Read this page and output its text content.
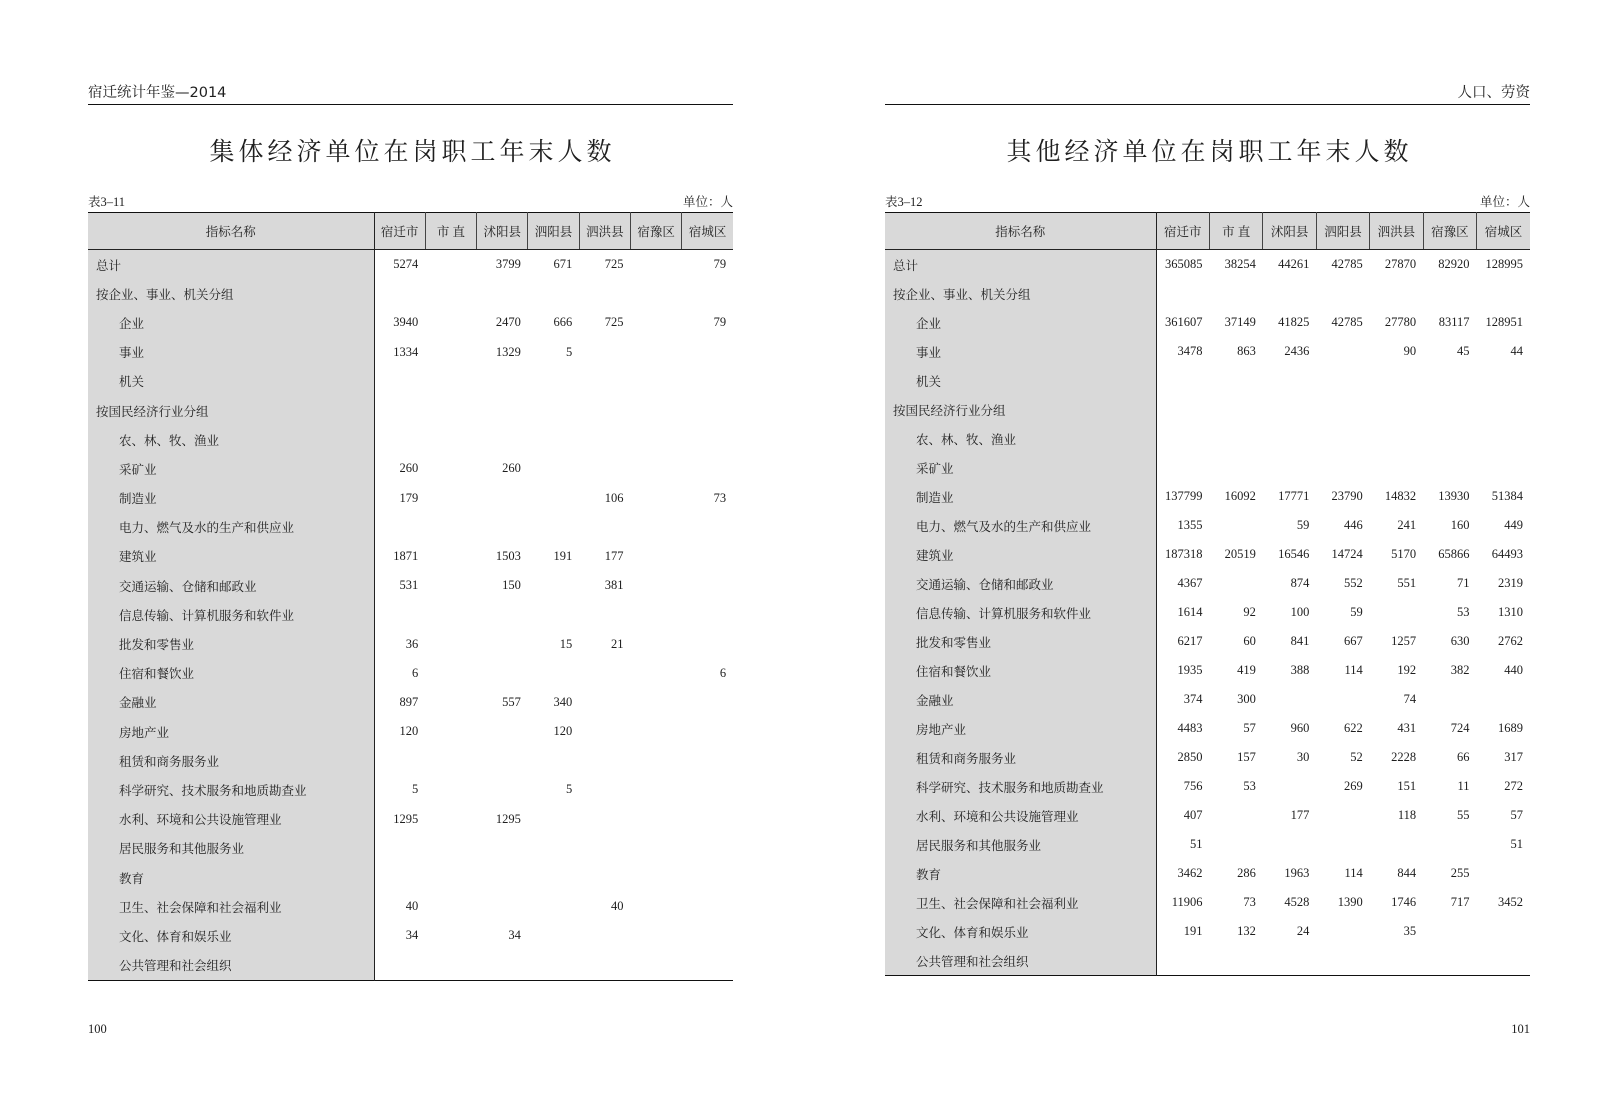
宿迁统计年鉴—2014
集体经济单位在岗职工年末人数
表3–11	单位：人
指标名称	宿迁市	市 直	沭阳县	泗阳县	泗洪县	宿豫区	宿城区
总计	5274		3799	671	725		79
按企业、事业、机关分组							
企业	3940		2470	666	725		79
事业	1334		1329	5			
机关							
按国民经济行业分组							
农、林、牧、渔业							
采矿业	260		260				
制造业	179				106		73
电力、燃气及水的生产和供应业							
建筑业	1871		1503	191	177		
交通运输、仓储和邮政业	531		150		381		
信息传输、计算机服务和软件业							
批发和零售业	36			15	21		
住宿和餐饮业	6						6
金融业	897		557	340			
房地产业	120			120			
租赁和商务服务业							
科学研究、技术服务和地质勘查业	5			5			
水利、环境和公共设施管理业	1295		1295				
居民服务和其他服务业							
教育							
卫生、社会保障和社会福利业	40				40		
文化、体育和娱乐业	34		34				
公共管理和社会组织							
100
人口、劳资
其他经济单位在岗职工年末人数
表3–12	单位：人
指标名称	宿迁市	市 直	沭阳县	泗阳县	泗洪县	宿豫区	宿城区
总计	365085	38254	44261	42785	27870	82920	128995
按企业、事业、机关分组							
企业	361607	37149	41825	42785	27780	83117	128951
事业	3478	863	2436		90	45	44
机关							
按国民经济行业分组							
农、林、牧、渔业							
采矿业							
制造业	137799	16092	17771	23790	14832	13930	51384
电力、燃气及水的生产和供应业	1355		59	446	241	160	449
建筑业	187318	20519	16546	14724	5170	65866	64493
交通运输、仓储和邮政业	4367		874	552	551	71	2319
信息传输、计算机服务和软件业	1614	92	100	59		53	1310
批发和零售业	6217	60	841	667	1257	630	2762
住宿和餐饮业	1935	419	388	114	192	382	440
金融业	374	300			74		
房地产业	4483	57	960	622	431	724	1689
租赁和商务服务业	2850	157	30	52	2228	66	317
科学研究、技术服务和地质勘查业	756	53		269	151	11	272
水利、环境和公共设施管理业	407		177		118	55	57
居民服务和其他服务业	51						51
教育	3462	286	1963	114	844	255	
卫生、社会保障和社会福利业	11906	73	4528	1390	1746	717	3452
文化、体育和娱乐业	191	132	24		35		
公共管理和社会组织							
101
